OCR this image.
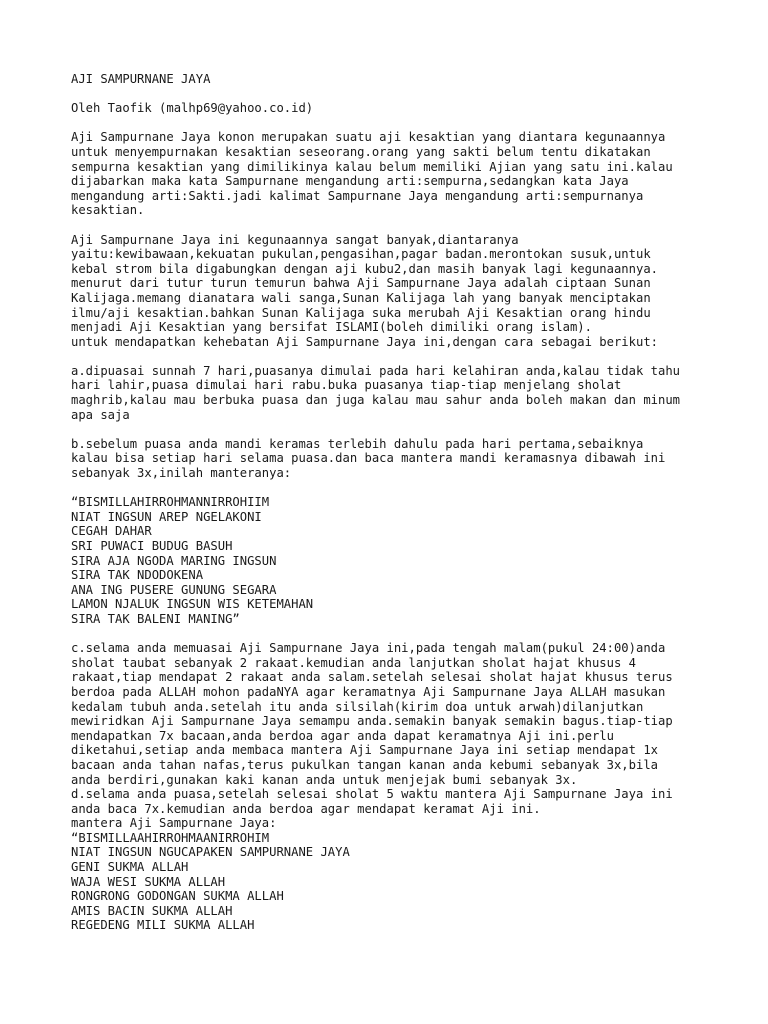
AJI SAMPURNANE JAYA
Oleh Taofik (malhp69@yahoo.co.id)
Aji Sampurnane Jaya konon merupakan suatu aji kesaktian yang diantara kegunaannya
untuk menyempurnakan kesaktian seseorang.orang yang sakti belum tentu dikatakan
sempurna kesaktian yang dimilikinya kalau belum memiliki Ajian yang satu ini.kalau
dijabarkan maka kata Sampurnane mengandung arti:sempurna,sedangkan kata Jaya
mengandung arti:Sakti.jadi kalimat Sampurnane Jaya mengandung arti:sempurnanya
kesaktian.
Aji Sampurnane Jaya ini kegunaannya sangat banyak,diantaranya
yaitu:kewibawaan,kekuatan pukulan,pengasihan,pagar badan.merontokan susuk,untuk
kebal strom bila digabungkan dengan aji kubu2,dan masih banyak lagi kegunaannya.
menurut dari tutur turun temurun bahwa Aji Sampurnane Jaya adalah ciptaan Sunan
Kalijaga.memang dianatara wali sanga,Sunan Kalijaga lah yang banyak menciptakan
ilmu/aji kesaktian.bahkan Sunan Kalijaga suka merubah Aji Kesaktian orang hindu
menjadi Aji Kesaktian yang bersifat ISLAMI(boleh dimiliki orang islam).
untuk mendapatkan kehebatan Aji Sampurnane Jaya ini,dengan cara sebagai berikut:
a.dipuasai sunnah 7 hari,puasanya dimulai pada hari kelahiran anda,kalau tidak tahu
hari lahir,puasa dimulai hari rabu.buka puasanya tiap-tiap menjelang sholat
maghrib,kalau mau berbuka puasa dan juga kalau mau sahur anda boleh makan dan minum
apa saja
b.sebelum puasa anda mandi keramas terlebih dahulu pada hari pertama,sebaiknya
kalau bisa setiap hari selama puasa.dan baca mantera mandi keramasnya dibawah ini
sebanyak 3x,inilah manteranya:
“BISMILLAHIRROHMANNIRROHIIM
NIAT INGSUN AREP NGELAKONI
CEGAH DAHAR
SRI PUWACI BUDUG BASUH
SIRA AJA NGODA MARING INGSUN
SIRA TAK NDODOKENA
ANA ING PUSERE GUNUNG SEGARA
LAMON NJALUK INGSUN WIS KETEMAHAN
SIRA TAK BALENI MANING”
c.selama anda memuasai Aji Sampurnane Jaya ini,pada tengah malam(pukul 24:00)anda
sholat taubat sebanyak 2 rakaat.kemudian anda lanjutkan sholat hajat khusus 4
rakaat,tiap mendapat 2 rakaat anda salam.setelah selesai sholat hajat khusus terus
berdoa pada ALLAH mohon padaNYA agar keramatnya Aji Sampurnane Jaya ALLAH masukan
kedalam tubuh anda.setelah itu anda silsilah(kirim doa untuk arwah)dilanjutkan
mewiridkan Aji Sampurnane Jaya semampu anda.semakin banyak semakin bagus.tiap-tiap
mendapatkan 7x bacaan,anda berdoa agar anda dapat keramatnya Aji ini.perlu
diketahui,setiap anda membaca mantera Aji Sampurnane Jaya ini setiap mendapat 1x
bacaan anda tahan nafas,terus pukulkan tangan kanan anda kebumi sebanyak 3x,bila
anda berdiri,gunakan kaki kanan anda untuk menjejak bumi sebanyak 3x.
d.selama anda puasa,setelah selesai sholat 5 waktu mantera Aji Sampurnane Jaya ini
anda baca 7x.kemudian anda berdoa agar mendapat keramat Aji ini.
mantera Aji Sampurnane Jaya:
“BISMILLAAHIRROHMAANIRROHIM
NIAT INGSUN NGUCAPAKEN SAMPURNANE JAYA
GENI SUKMA ALLAH
WAJA WESI SUKMA ALLAH
RONGRONG GODONGAN SUKMA ALLAH
AMIS BACIN SUKMA ALLAH
REGEDENG MILI SUKMA ALLAH
